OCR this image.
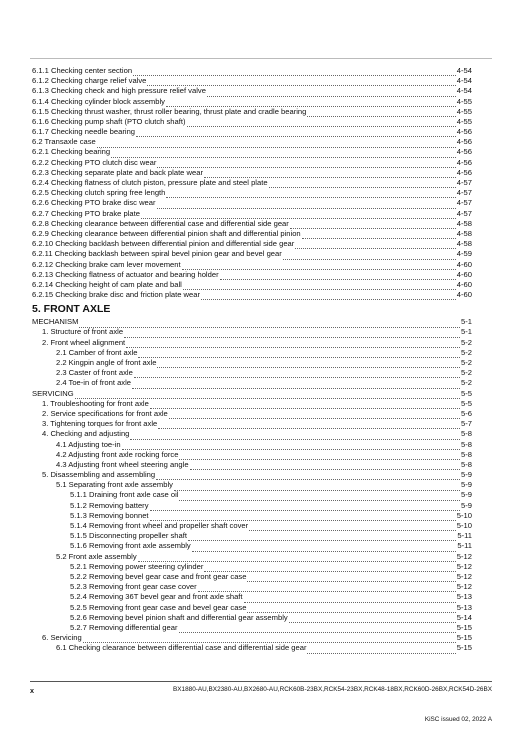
6.1.1 Checking center section	4-54
6.1.2 Checking charge relief valve	4-54
6.1.3 Checking check and high pressure relief valve	4-54
6.1.4 Checking cylinder block assembly	4-55
6.1.5 Checking thrust washer, thrust roller bearing, thrust plate and cradle bearing	4-55
6.1.6 Checking pump shaft (PTO clutch shaft)	4-55
6.1.7 Checking needle bearing	4-56
6.2 Transaxle case	4-56
6.2.1 Checking bearing	4-56
6.2.2 Checking PTO clutch disc wear	4-56
6.2.3 Checking separate plate and back plate wear	4-56
6.2.4 Checking flatness of clutch piston, pressure plate and steel plate	4-57
6.2.5 Checking clutch spring free length	4-57
6.2.6 Checking PTO brake disc wear	4-57
6.2.7 Checking PTO brake plate	4-57
6.2.8 Checking clearance between differential case and differential side gear	4-58
6.2.9 Checking clearance between differential pinion shaft and differential pinion	4-58
6.2.10 Checking backlash between differential pinion and differential side gear	4-58
6.2.11 Checking backlash between spiral bevel pinion gear and bevel gear	4-59
6.2.12 Checking brake cam lever movement	4-60
6.2.13 Checking flatness of actuator and bearing holder	4-60
6.2.14 Checking height of cam plate and ball	4-60
6.2.15 Checking brake disc and friction plate wear	4-60
5. FRONT AXLE
MECHANISM	5-1
1. Structure of front axle	5-1
2. Front wheel alignment	5-2
2.1 Camber of front axle	5-2
2.2 Kingpin angle of front axle	5-2
2.3 Caster of front axle	5-2
2.4 Toe-in of front axle	5-2
SERVICING	5-5
1. Troubleshooting for front axle	5-5
2. Service specifications for front axle	5-6
3. Tightening torques for front axle	5-7
4. Checking and adjusting	5-8
4.1 Adjusting toe-in	5-8
4.2 Adjusting front axle rocking force	5-8
4.3 Adjusting front wheel steering angle	5-8
5. Disassembling and assembling	5-9
5.1 Separating front axle assembly	5-9
5.1.1 Draining front axle case oil	5-9
5.1.2 Removing battery	5-9
5.1.3 Removing bonnet	5-10
5.1.4 Removing front wheel and propeller shaft cover	5-10
5.1.5 Disconnecting propeller shaft	5-11
5.1.6 Removing front axle assembly	5-11
5.2 Front axle assembly	5-12
5.2.1 Removing power steering cylinder	5-12
5.2.2 Removing bevel gear case and front gear case	5-12
5.2.3 Removing front gear case cover	5-12
5.2.4 Removing 36T bevel gear and front axle shaft	5-13
5.2.5 Removing front gear case and bevel gear case	5-13
5.2.6 Removing bevel pinion shaft and differential gear assembly	5-14
5.2.7 Removing differential gear	5-15
6. Servicing	5-15
6.1 Checking clearance between differential case and differential side gear	5-15
x	BX1880-AU,BX2380-AU,BX2680-AU,RCK60B-23BX,RCK54-23BX,RCK48-18BX,RCK60D-26BX,RCK54D-26BX
KiSC issued 02, 2022 A
